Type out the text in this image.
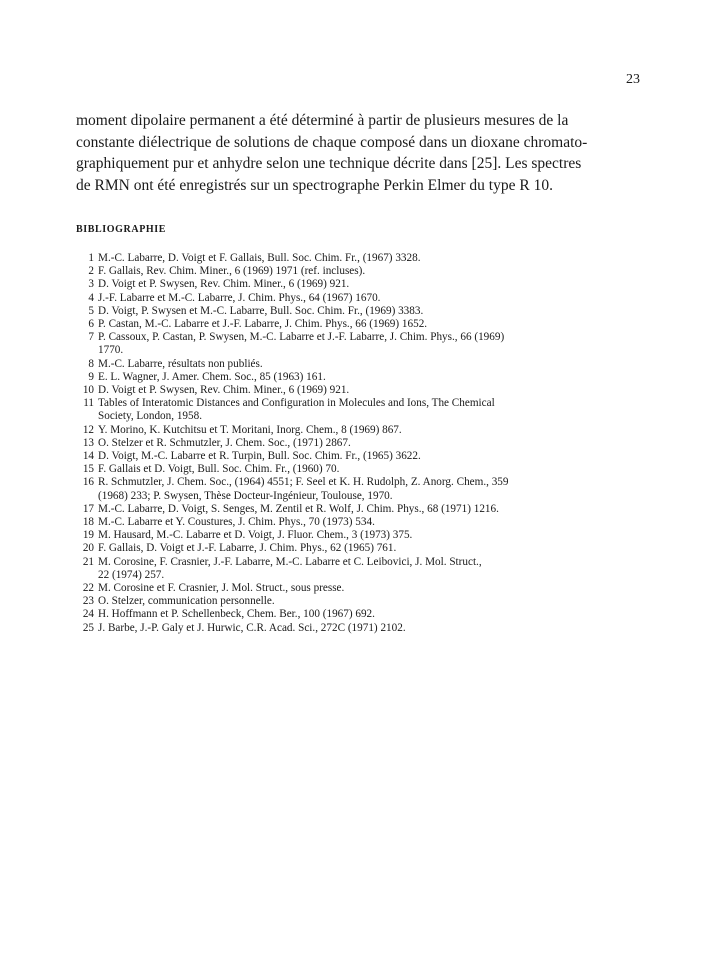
23
moment dipolaire permanent a été déterminé à partir de plusieurs mesures de la
constante diélectrique de solutions de chaque composé dans un dioxane chromato-
graphiquement pur et anhydre selon une technique décrite dans [25]. Les spectres
de RMN ont été enregistrés sur un spectrographe Perkin Elmer du type R 10.
BIBLIOGRAPHIE
1 M.-C. Labarre, D. Voigt et F. Gallais, Bull. Soc. Chim. Fr., (1967) 3328.
2 F. Gallais, Rev. Chim. Miner., 6 (1969) 1971 (ref. incluses).
3 D. Voigt et P. Swysen, Rev. Chim. Miner., 6 (1969) 921.
4 J.-F. Labarre et M.-C. Labarre, J. Chim. Phys., 64 (1967) 1670.
5 D. Voigt, P. Swysen et M.-C. Labarre, Bull. Soc. Chim. Fr., (1969) 3383.
6 P. Castan, M.-C. Labarre et J.-F. Labarre, J. Chim. Phys., 66 (1969) 1652.
7 P. Cassoux, P. Castan, P. Swysen, M.-C. Labarre et J.-F. Labarre, J. Chim. Phys., 66 (1969)
1770.
8 M.-C. Labarre, résultats non publiés.
9 E. L. Wagner, J. Amer. Chem. Soc., 85 (1963) 161.
10 D. Voigt et P. Swysen, Rev. Chim. Miner., 6 (1969) 921.
11 Tables of Interatomic Distances and Configuration in Molecules and Ions, The Chemical
Society, London, 1958.
12 Y. Morino, K. Kutchitsu et T. Moritani, Inorg. Chem., 8 (1969) 867.
13 O. Stelzer et R. Schmutzler, J. Chem. Soc., (1971) 2867.
14 D. Voigt, M.-C. Labarre et R. Turpin, Bull. Soc. Chim. Fr., (1965) 3622.
15 F. Gallais et D. Voigt, Bull. Soc. Chim. Fr., (1960) 70.
16 R. Schmutzler, J. Chem. Soc., (1964) 4551; F. Seel et K. H. Rudolph, Z. Anorg. Chem., 359
(1968) 233; P. Swysen, Thèse Docteur-Ingénieur, Toulouse, 1970.
17 M.-C. Labarre, D. Voigt, S. Senges, M. Zentil et R. Wolf, J. Chim. Phys., 68 (1971) 1216.
18 M.-C. Labarre et Y. Coustures, J. Chim. Phys., 70 (1973) 534.
19 M. Hausard, M.-C. Labarre et D. Voigt, J. Fluor. Chem., 3 (1973) 375.
20 F. Gallais, D. Voigt et J.-F. Labarre, J. Chim. Phys., 62 (1965) 761.
21 M. Corosine, F. Crasnier, J.-F. Labarre, M.-C. Labarre et C. Leibovici, J. Mol. Struct.,
22 (1974) 257.
22 M. Corosine et F. Crasnier, J. Mol. Struct., sous presse.
23 O. Stelzer, communication personnelle.
24 H. Hoffmann et P. Schellenbeck, Chem. Ber., 100 (1967) 692.
25 J. Barbe, J.-P. Galy et J. Hurwic, C.R. Acad. Sci., 272C (1971) 2102.
